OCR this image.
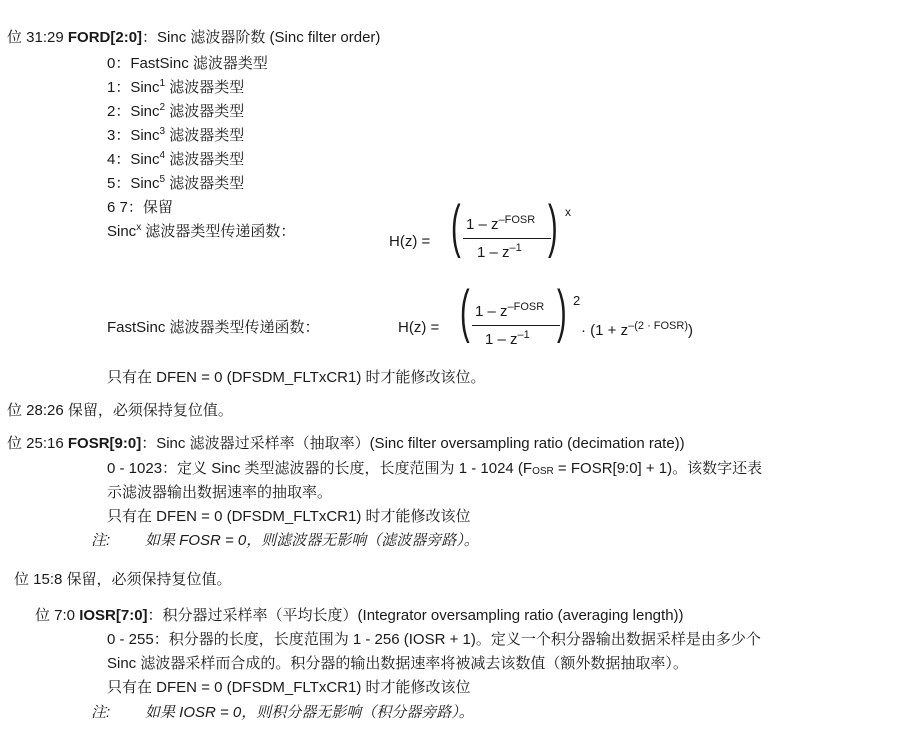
位 31:29 FORD[2:0]：Sinc 滤波器阶数 (Sinc filter order)
0：FastSinc 滤波器类型
1：Sinc$^1$ 滤波器类型
2：Sinc$^2$ 滤波器类型
3：Sinc$^3$ 滤波器类型
4：Sinc$^4$ 滤波器类型
5：Sinc$^5$ 滤波器类型
6 7：保留
Sinc$^x$ 滤波器类型传递函数：
H(z) = ( $1 - z^{-FOSR}$
$1 - z^{-1}$ ) x
FastSinc 滤波器类型传递函数：	H(z) = ( $1 - z^{-FOSR}$
$1 - z^{-1}$ ) 2
· $(1 + z^{-(2 \cdot FOSR)})$
只有在 DFEN = 0 (DFSDM_FLTxCR1) 时才能修改该位。
位 28:26 保留，必须保持复位值。
位 25:16 FOSR[9:0]：Sinc 滤波器过采样率（抽取率）(Sinc filter oversampling ratio (decimation rate))
0 - 1023：定义 Sinc 类型滤波器的长度，长度范围为 1 - 1024 ($F_{OSR}$ = FOSR[9:0] + 1)。该数字还表
示滤波器输出数据速率的抽取率。
只有在 DFEN = 0 (DFSDM_FLTxCR1) 时才能修改该位
注: 如果 FOSR = 0，则滤波器无影响（滤波器旁路）。
位 15:8 保留，必须保持复位值。
位 7:0 IOSR[7:0]：积分器过采样率（平均长度）(Integrator oversampling ratio (averaging length))
0 - 255：积分器的长度，长度范围为 1 - 256 (IOSR + 1)。定义一个积分器输出数据采样是由多少个
Sinc 滤波器采样而合成的。积分器的输出数据速率将被减去该数值（额外数据抽取率）。
只有在 DFEN = 0 (DFSDM_FLTxCR1) 时才能修改该位
注: 如果 IOSR = 0，则积分器无影响（积分器旁路）。
